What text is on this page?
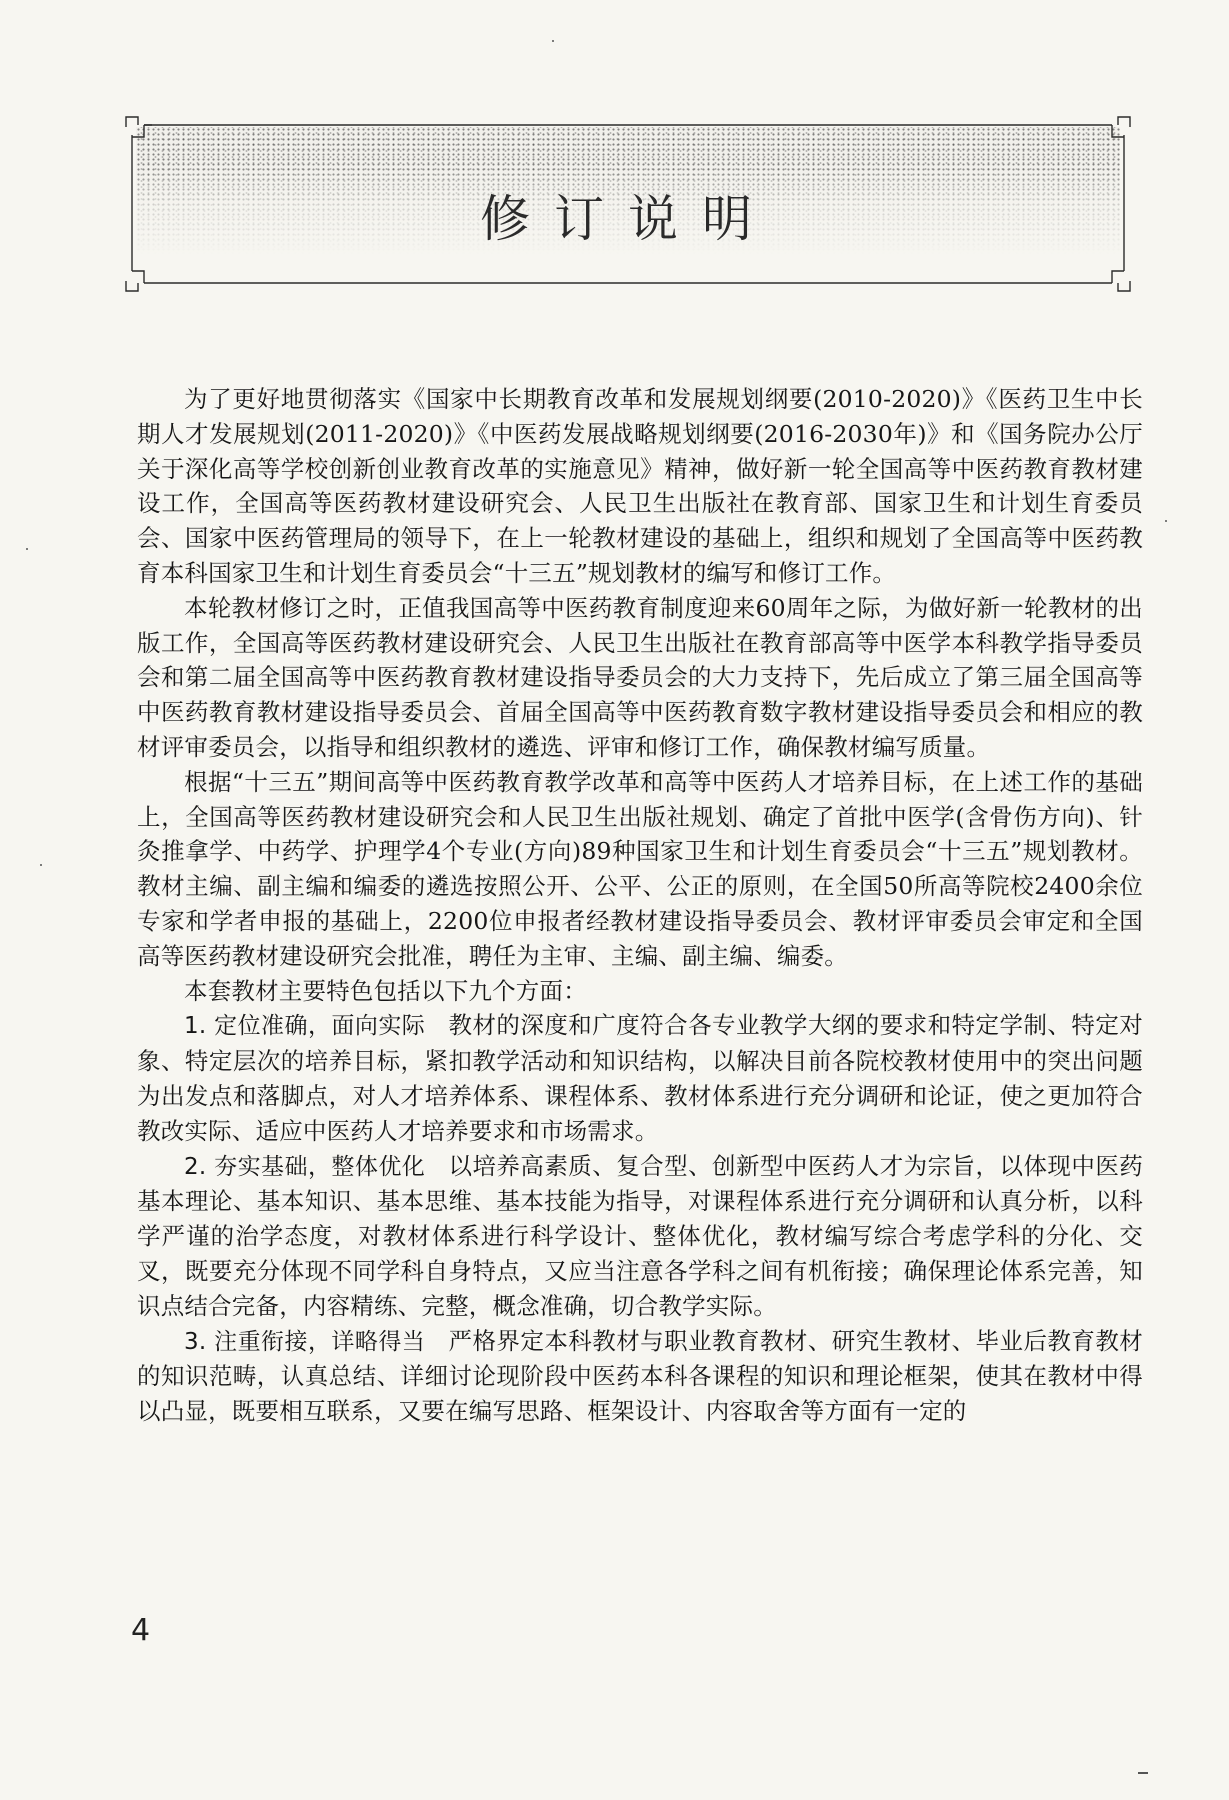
修订说明

为了更好地贯彻落实《国家中长期教育改革和发展规划纲要(2010-2020)》《医药卫生中长期人才发展规划(2011-2020)》《中医药发展战略规划纲要(2016-2030年)》和《国务院办公厅关于深化高等学校创新创业教育改革的实施意见》精神，做好新一轮全国高等中医药教育教材建设工作，全国高等医药教材建设研究会、人民卫生出版社在教育部、国家卫生和计划生育委员会、国家中医药管理局的领导下，在上一轮教材建设的基础上，组织和规划了全国高等中医药教育本科国家卫生和计划生育委员会“十三五”规划教材的编写和修订工作。

本轮教材修订之时，正值我国高等中医药教育制度迎来60周年之际，为做好新一轮教材的出版工作，全国高等医药教材建设研究会、人民卫生出版社在教育部高等中医学本科教学指导委员会和第二届全国高等中医药教育教材建设指导委员会的大力支持下，先后成立了第三届全国高等中医药教育教材建设指导委员会、首届全国高等中医药教育数字教材建设指导委员会和相应的教材评审委员会，以指导和组织教材的遴选、评审和修订工作，确保教材编写质量。

根据“十三五”期间高等中医药教育教学改革和高等中医药人才培养目标，在上述工作的基础上，全国高等医药教材建设研究会和人民卫生出版社规划、确定了首批中医学(含骨伤方向)、针灸推拿学、中药学、护理学4个专业(方向)89种国家卫生和计划生育委员会“十三五”规划教材。教材主编、副主编和编委的遴选按照公开、公平、公正的原则，在全国50所高等院校2400余位专家和学者申报的基础上，2200位申报者经教材建设指导委员会、教材评审委员会审定和全国高等医药教材建设研究会批准，聘任为主审、主编、副主编、编委。

本套教材主要特色包括以下九个方面：

1. 定位准确，面向实际 教材的深度和广度符合各专业教学大纲的要求和特定学制、特定对象、特定层次的培养目标，紧扣教学活动和知识结构，以解决目前各院校教材使用中的突出问题为出发点和落脚点，对人才培养体系、课程体系、教材体系进行充分调研和论证，使之更加符合教改实际、适应中医药人才培养要求和市场需求。

2. 夯实基础，整体优化 以培养高素质、复合型、创新型中医药人才为宗旨，以体现中医药基本理论、基本知识、基本思维、基本技能为指导，对课程体系进行充分调研和认真分析，以科学严谨的治学态度，对教材体系进行科学设计、整体优化，教材编写综合考虑学科的分化、交叉，既要充分体现不同学科自身特点，又应当注意各学科之间有机衔接；确保理论体系完善，知识点结合完备，内容精练、完整，概念准确，切合教学实际。

3. 注重衔接，详略得当 严格界定本科教材与职业教育教材、研究生教材、毕业后教育教材的知识范畴，认真总结、详细讨论现阶段中医药本科各课程的知识和理论框架，使其在教材中得以凸显，既要相互联系，又要在编写思路、框架设计、内容取舍等方面有一定的

4
